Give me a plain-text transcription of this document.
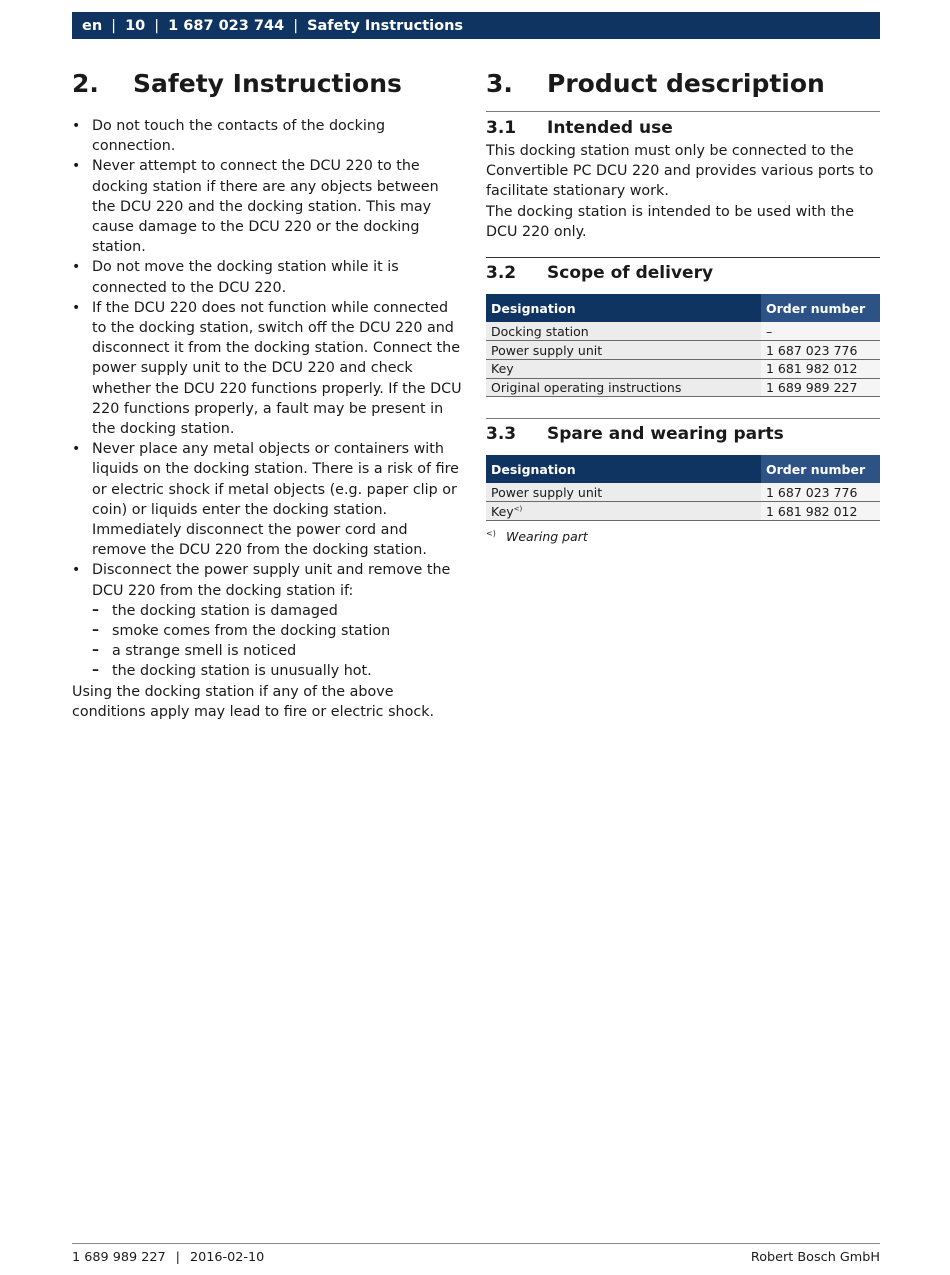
en | 10 | 1 687 023 744 | Safety Instructions
2.	Safety Instructions
• Do not touch the contacts of the docking connection.
• Never attempt to connect the DCU 220 to the docking station if there are any objects between the DCU 220 and the docking station. This may cause damage to the DCU 220 or the docking station.
• Do not move the docking station while it is connected to the DCU 220.
• If the DCU 220 does not function while connected to the docking station, switch off the DCU 220 and disconnect it from the docking station. Connect the power supply unit to the DCU 220 and check whether the DCU 220 functions properly. If the DCU 220 functions properly, a fault may be present in the docking station.
• Never place any metal objects or containers with liquids on the docking station. There is a risk of fire or electric shock if metal objects (e.g. paper clip or coin) or liquids enter the docking station. Immediately disconnect the power cord and remove the DCU 220 from the docking station.
• Disconnect the power supply unit and remove the DCU 220 from the docking station if:
– the docking station is damaged
– smoke comes from the docking station
– a strange smell is noticed
– the docking station is unusually hot.

Using the docking station if any of the above conditions apply may lead to fire or electric shock.

3.	Product description
3.1	Intended use

This docking station must only be connected to the Convertible PC DCU 220 and provides various ports to facilitate stationary work.

The docking station is intended to be used with the DCU 220 only.

3.2	Scope of delivery
Designation	Order number
Docking station	–
Power supply unit	1 687 023 776
Key	1 681 982 012
Original operating instructions	1 689 989 227
3.3	Spare and wearing parts
Designation	Order number
Power supply unit	1 687 023 776
Key<)	1 681 982 012
<) Wearing part
1 689 989 227 | 2016-02-10	Robert Bosch GmbH
